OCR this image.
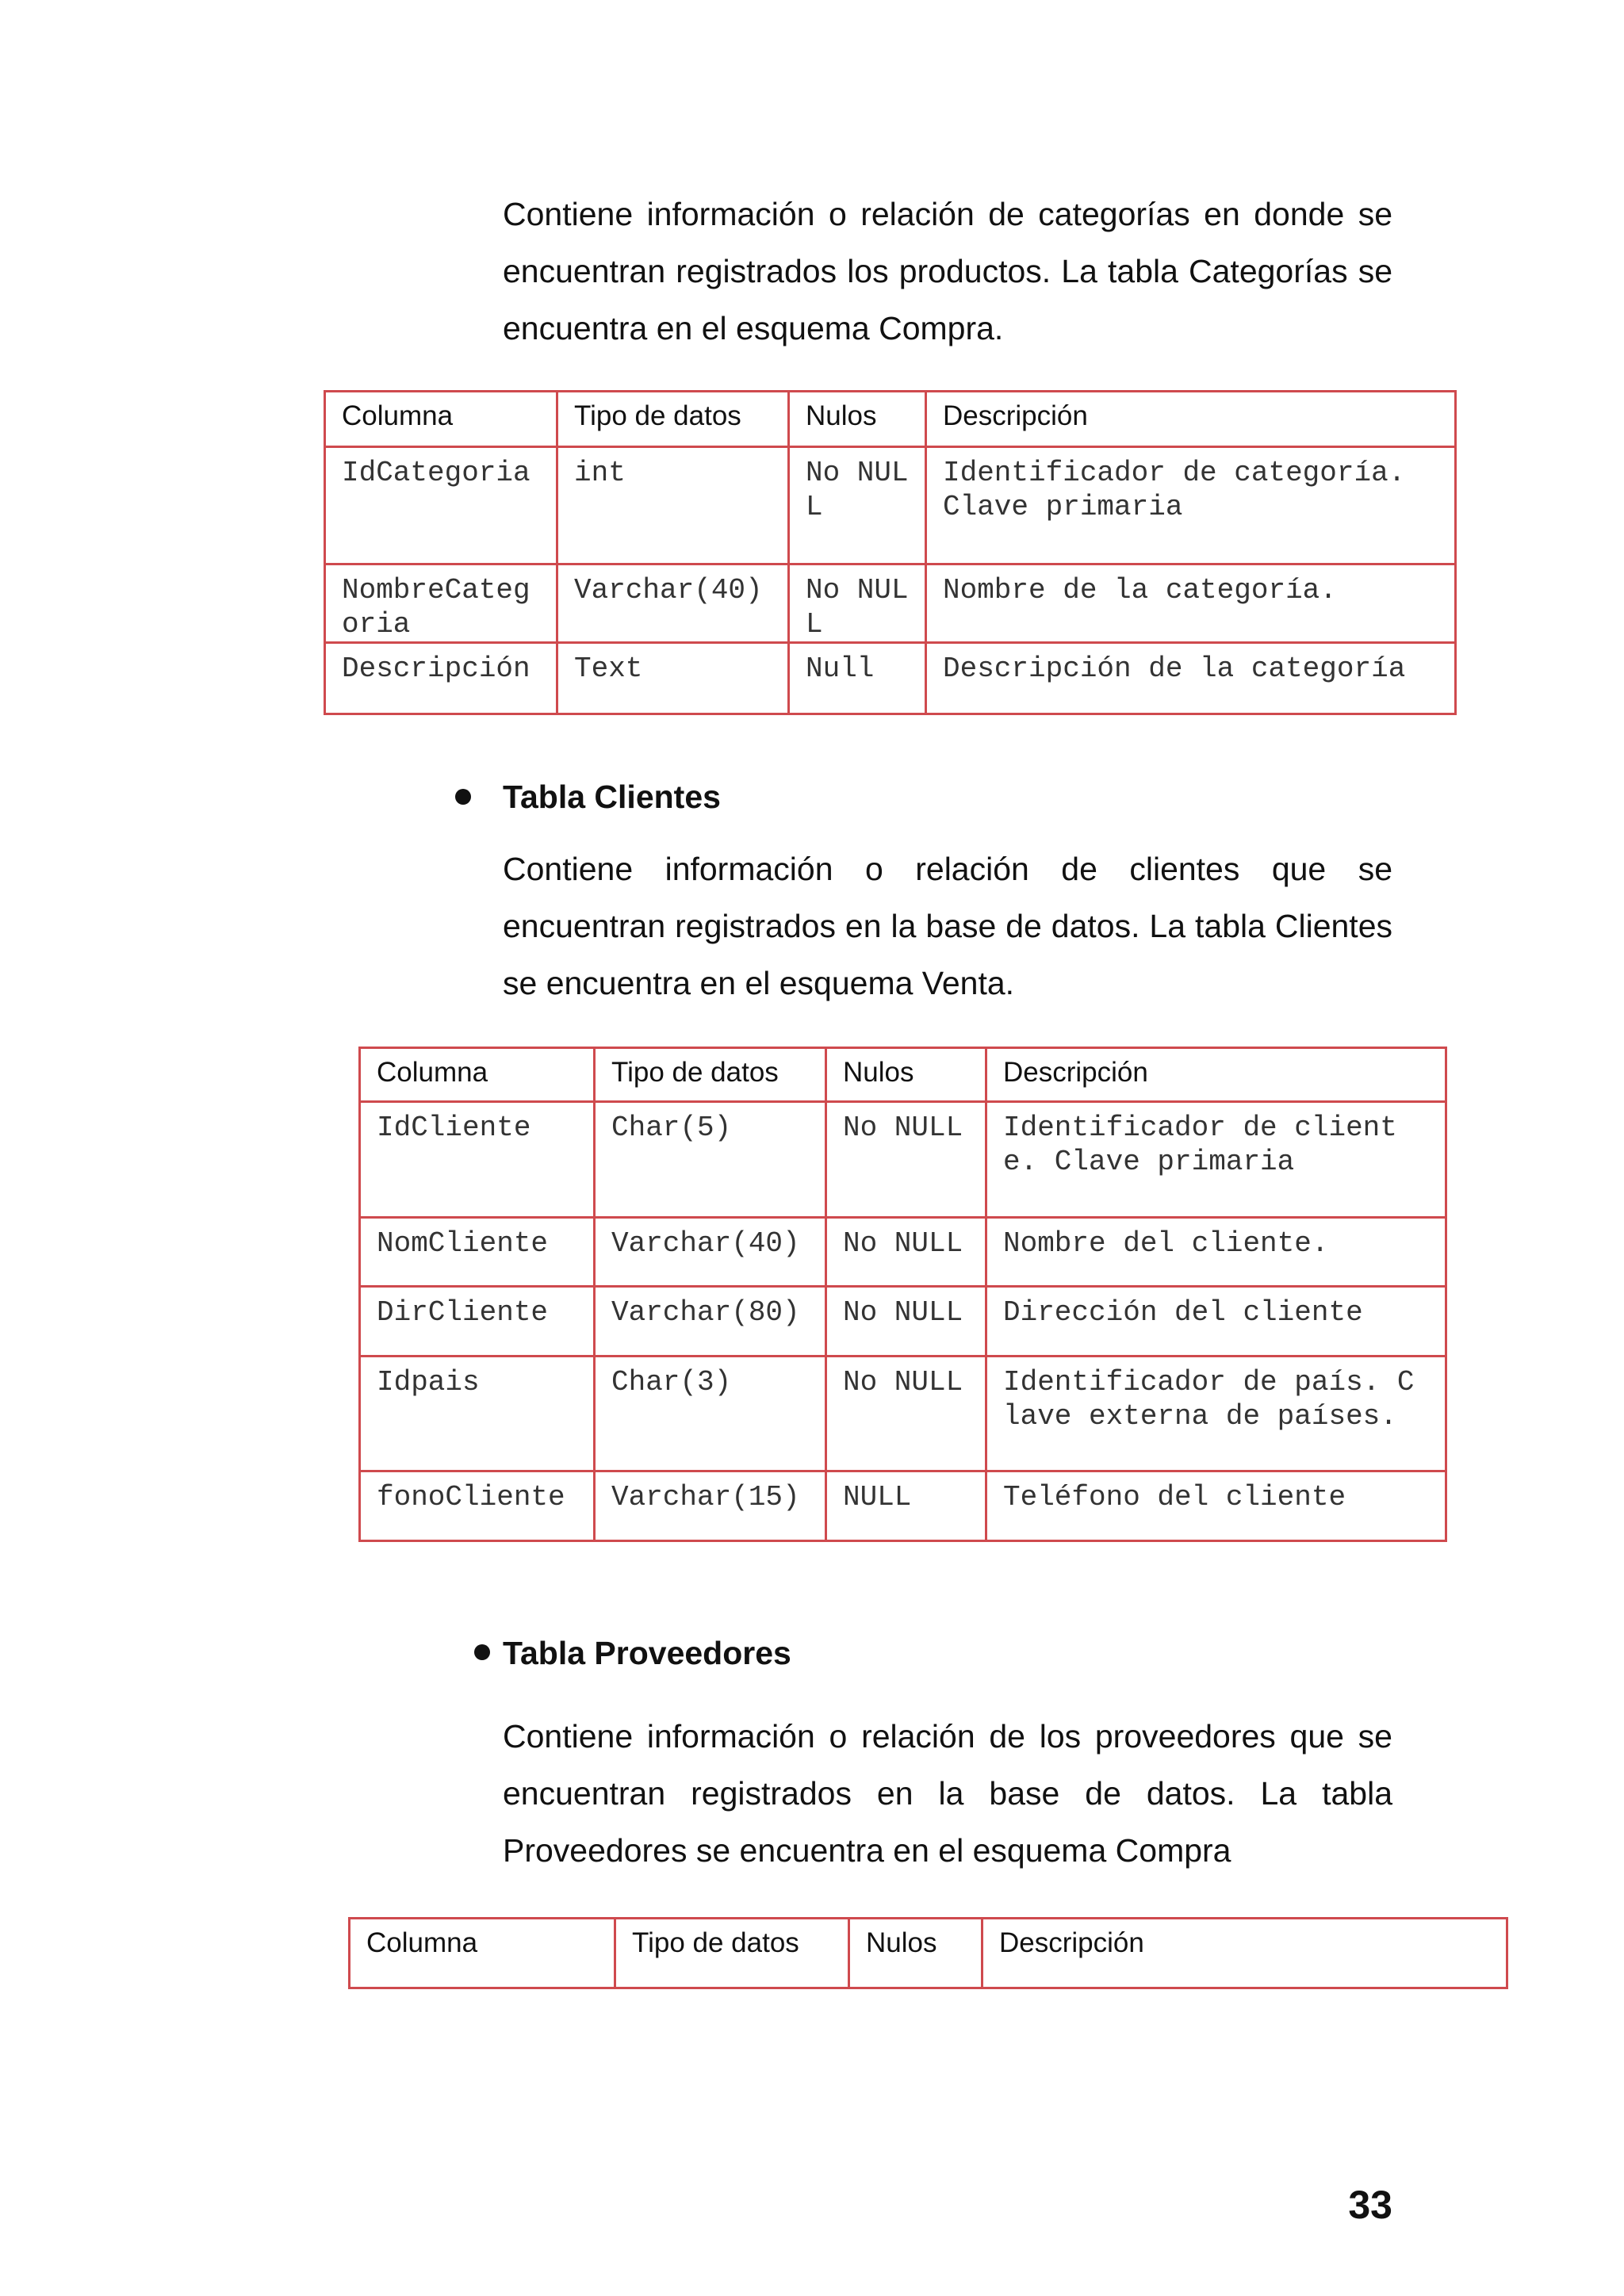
Contiene información o relación de categorías en donde se encuentran registrados los productos. La tabla Categorías se encuentra en el esquema Compra.

Columna	Tipo de datos	Nulos	Descripción
IdCategoria	int	No NULL	Identificador de categoría. Clave primaria
NombreCategoria	Varchar(40)	No NULL	Nombre de la categoría.
Descripción	Text	Null	Descripción de la categoría
Tabla Clientes

Contiene información o relación de clientes que se encuentran registrados en la base de datos. La tabla Clientes se encuentra en el esquema Venta.

Columna	Tipo de datos	Nulos	Descripción
IdCliente	Char(5)	No NULL	Identificador de cliente. Clave primaria
NomCliente	Varchar(40)	No NULL	Nombre del cliente.
DirCliente	Varchar(80)	No NULL	Dirección del cliente
Idpais	Char(3)	No NULL	Identificador de país. Clave externa de países.
fonoCliente	Varchar(15)	NULL	Teléfono del cliente
Tabla Proveedores

Contiene información o relación de los proveedores que se encuentran registrados en la base de datos. La tabla Proveedores se encuentra en el esquema Compra

Columna	Tipo de datos	Nulos	Descripción
33
